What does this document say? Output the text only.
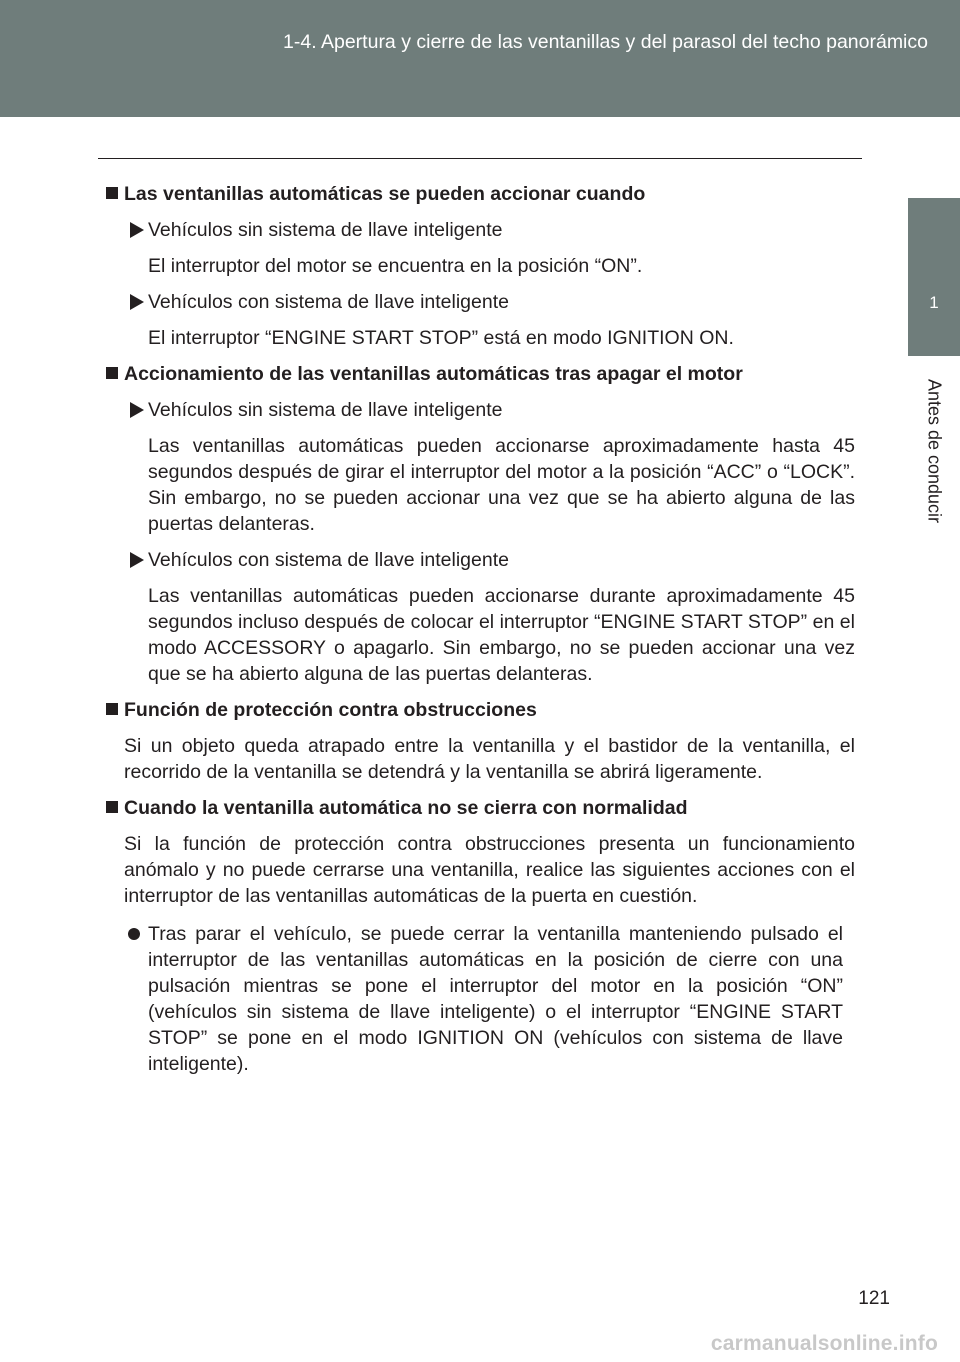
1-4. Apertura y cierre de las ventanillas y del parasol del techo panorámico
1
Antes de conducir
Las ventanillas automáticas se pueden accionar cuando
Vehículos sin sistema de llave inteligente
El interruptor del motor se encuentra en la posición “ON”.
Vehículos con sistema de llave inteligente
El interruptor “ENGINE START STOP” está en modo IGNITION ON.
Accionamiento de las ventanillas automáticas tras apagar el motor
Vehículos sin sistema de llave inteligente
Las ventanillas automáticas pueden accionarse aproximadamente hasta 45 segundos después de girar el interruptor del motor a la posición “ACC” o “LOCK”. Sin embargo, no se pueden accionar una vez que se ha abierto alguna de las puertas delanteras.
Vehículos con sistema de llave inteligente
Las ventanillas automáticas pueden accionarse durante aproximadamente 45 segundos incluso después de colocar el interruptor “ENGINE START STOP” en el modo ACCESSORY o apagarlo. Sin embargo, no se pueden accionar una vez que se ha abierto alguna de las puertas delanteras.
Función de protección contra obstrucciones
Si un objeto queda atrapado entre la ventanilla y el bastidor de la ventanilla, el recorrido de la ventanilla se detendrá y la ventanilla se abrirá ligeramente.
Cuando la ventanilla automática no se cierra con normalidad
Si la función de protección contra obstrucciones presenta un funcionamiento anómalo y no puede cerrarse una ventanilla, realice las siguientes acciones con el interruptor de las ventanillas automáticas de la puerta en cuestión.
Tras parar el vehículo, se puede cerrar la ventanilla manteniendo pulsado el interruptor de las ventanillas automáticas en la posición de cierre con una pulsación mientras se pone el interruptor del motor en la posición “ON” (vehículos sin sistema de llave inteligente) o el interruptor “ENGINE START STOP” se pone en el modo IGNITION ON (vehículos con sistema de llave inteligente).
121
carmanualsonline.info
